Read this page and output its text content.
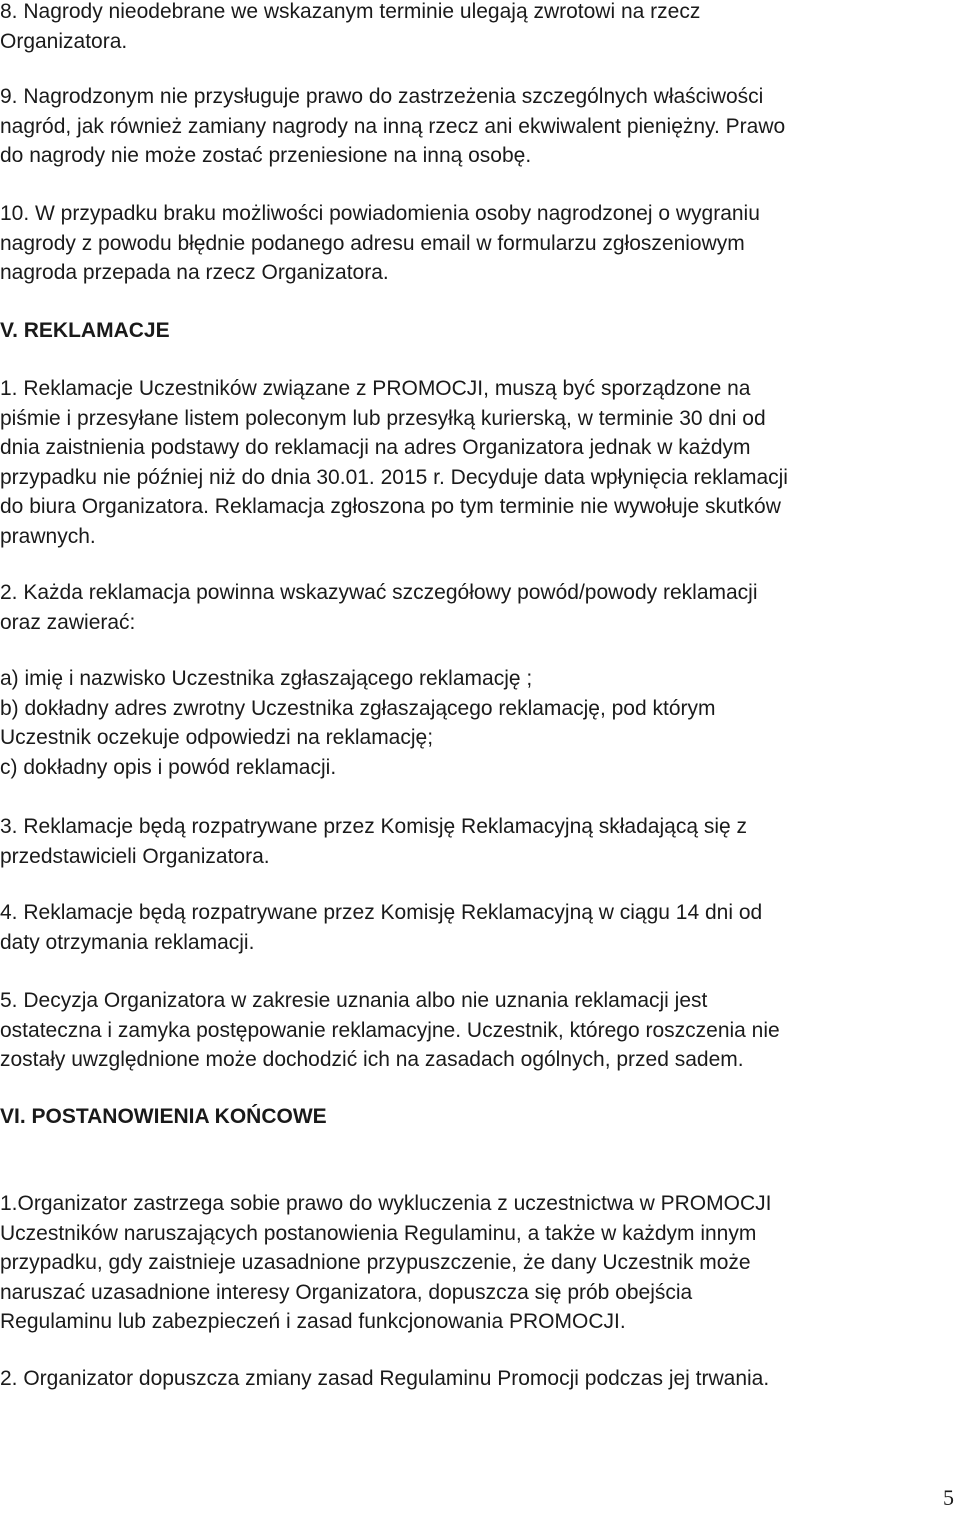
8. Nagrody nieodebrane we wskazanym terminie ulegają zwrotowi na rzecz
Organizatora.

9. Nagrodzonym nie przysługuje prawo do zastrzeżenia szczególnych właściwości
nagród, jak również zamiany nagrody na inną rzecz ani ekwiwalent pieniężny. Prawo
do nagrody nie może zostać przeniesione na inną osobę.

10. W przypadku braku możliwości powiadomienia osoby nagrodzonej o wygraniu
nagrody z powodu błędnie podanego adresu email w formularzu zgłoszeniowym
nagroda przepada na rzecz Organizatora.

V. REKLAMACJE

1. Reklamacje Uczestników związane z PROMOCJI, muszą być sporządzone na
piśmie i przesyłane listem poleconym lub przesyłką kurierską, w terminie 30 dni od
dnia zaistnienia podstawy do reklamacji na adres Organizatora jednak w każdym
przypadku nie później niż do dnia 30.01. 2015 r. Decyduje data wpłynięcia reklamacji
do biura Organizatora. Reklamacja zgłoszona po tym terminie nie wywołuje skutków
prawnych.

2. Każda reklamacja powinna wskazywać szczegółowy powód/powody reklamacji
oraz zawierać:

a) imię i nazwisko Uczestnika zgłaszającego reklamację ;
b) dokładny adres zwrotny Uczestnika zgłaszającego reklamację, pod którym
Uczestnik oczekuje odpowiedzi na reklamację;
c) dokładny opis i powód reklamacji.

3. Reklamacje będą rozpatrywane przez Komisję Reklamacyjną składającą się z
przedstawicieli Organizatora.

4. Reklamacje będą rozpatrywane przez Komisję Reklamacyjną w ciągu 14 dni od
daty otrzymania reklamacji.

5. Decyzja Organizatora w zakresie uznania albo nie uznania reklamacji jest
ostateczna i zamyka postępowanie reklamacyjne. Uczestnik, którego roszczenia nie
zostały uwzględnione może dochodzić ich na zasadach ogólnych, przed sadem.

VI. POSTANOWIENIA KOŃCOWE

1.Organizator zastrzega sobie prawo do wykluczenia z uczestnictwa w PROMOCJI
Uczestników naruszających postanowienia Regulaminu, a także w każdym innym
przypadku, gdy zaistnieje uzasadnione przypuszczenie, że dany Uczestnik może
naruszać uzasadnione interesy Organizatora, dopuszcza się prób obejścia
Regulaminu lub zabezpieczeń i zasad funkcjonowania PROMOCJI.

2. Organizator dopuszcza zmiany zasad Regulaminu Promocji podczas jej trwania.

5
